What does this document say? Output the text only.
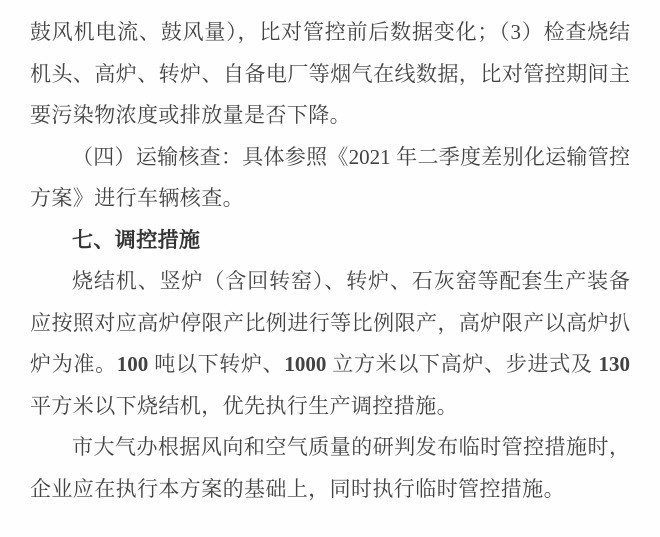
鼓风机电流、鼓风量），比对管控前后数据变化；（3）检查烧结
机头、高炉、转炉、自备电厂等烟气在线数据，比对管控期间主
要污染物浓度或排放量是否下降。
（四）运输核查：具体参照《2021 年二季度差别化运输管控
方案》进行车辆核查。
七、调控措施
烧结机、竖炉（含回转窑）、转炉、石灰窑等配套生产装备
应按照对应高炉停限产比例进行等比例限产，高炉限产以高炉扒
炉为准。100 吨以下转炉、1000 立方米以下高炉、步进式及 130
平方米以下烧结机，优先执行生产调控措施。
市大气办根据风向和空气质量的研判发布临时管控措施时，
企业应在执行本方案的基础上，同时执行临时管控措施。
